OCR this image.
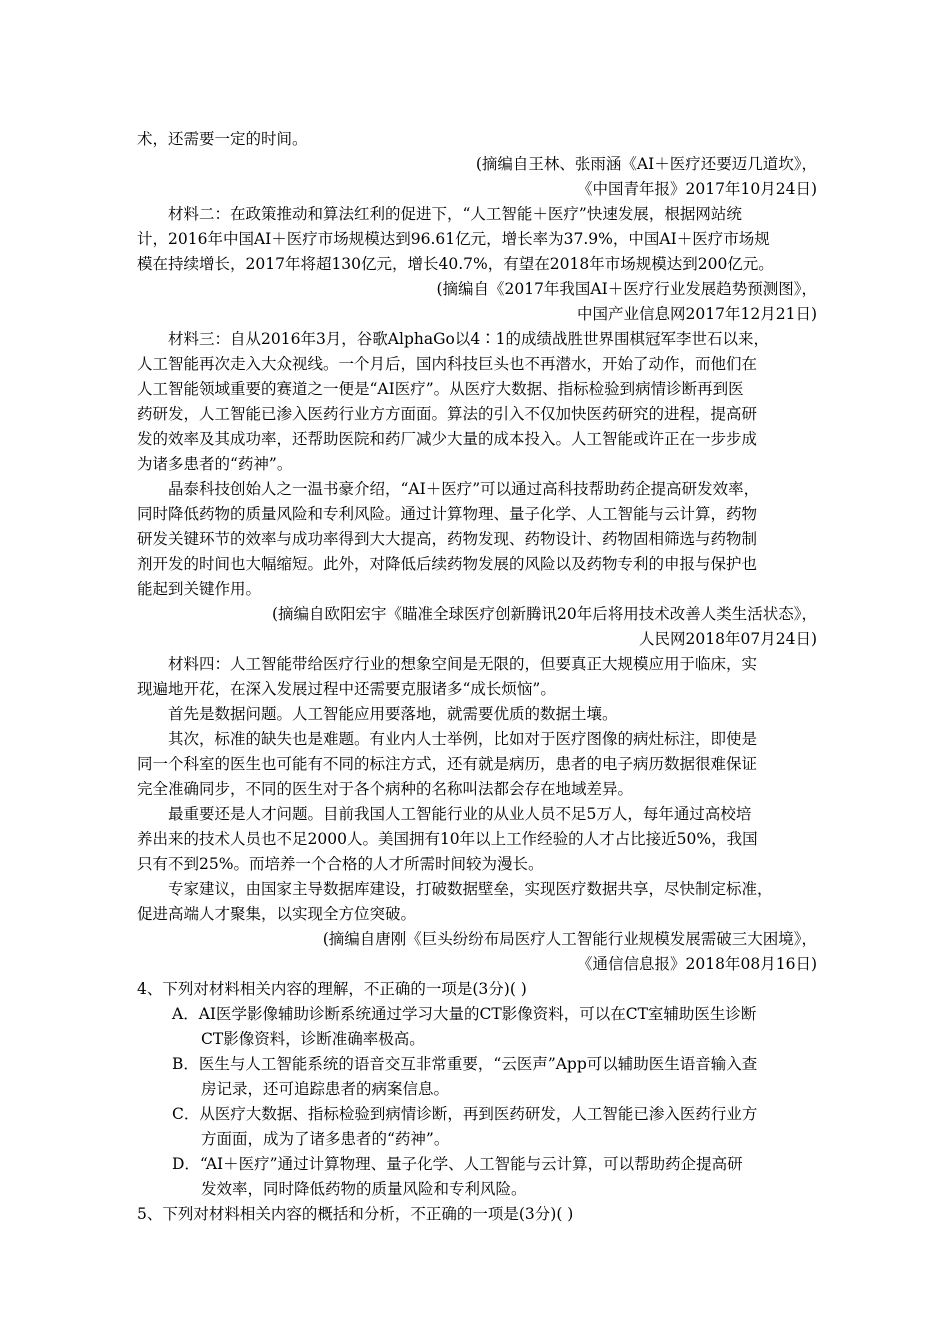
术，还需要一定的时间。
(摘编自王林、张雨涵《AI＋医疗还要迈几道坎》，
《中国青年报》2017年10月24日)
材料二：在政策推动和算法红利的促进下，“人工智能＋医疗”快速发展，根据网站统
计，2016年中国AI＋医疗市场规模达到96.61亿元，增长率为37.9%，中国AI＋医疗市场规
模在持续增长，2017年将超130亿元，增长40.7%，有望在2018年市场规模达到200亿元。
(摘编自《2017年我国AI＋医疗行业发展趋势预测图》，
中国产业信息网2017年12月21日)
材料三：自从2016年3月，谷歌AlphaGo以4∶1的成绩战胜世界围棋冠军李世石以来，
人工智能再次走入大众视线。一个月后，国内科技巨头也不再潜水，开始了动作，而他们在
人工智能领域重要的赛道之一便是“AI医疗”。从医疗大数据、指标检验到病情诊断再到医
药研发，人工智能已渗入医药行业方方面面。算法的引入不仅加快医药研究的进程，提高研
发的效率及其成功率，还帮助医院和药厂减少大量的成本投入。人工智能或许正在一步步成
为诸多患者的“药神”。
晶泰科技创始人之一温书豪介绍，“AI＋医疗”可以通过高科技帮助药企提高研发效率，
同时降低药物的质量风险和专利风险。通过计算物理、量子化学、人工智能与云计算，药物
研发关键环节的效率与成功率得到大大提高，药物发现、药物设计、药物固相筛选与药物制
剂开发的时间也大幅缩短。此外，对降低后续药物发展的风险以及药物专利的申报与保护也
能起到关键作用。
(摘编自欧阳宏宇《瞄准全球医疗创新腾讯20年后将用技术改善人类生活状态》，
人民网2018年07月24日)
材料四：人工智能带给医疗行业的想象空间是无限的，但要真正大规模应用于临床，实
现遍地开花，在深入发展过程中还需要克服诸多“成长烦恼”。
首先是数据问题。人工智能应用要落地，就需要优质的数据土壤。
其次，标准的缺失也是难题。有业内人士举例，比如对于医疗图像的病灶标注，即使是
同一个科室的医生也可能有不同的标注方式，还有就是病历，患者的电子病历数据很难保证
完全准确同步，不同的医生对于各个病种的名称叫法都会存在地域差异。
最重要还是人才问题。目前我国人工智能行业的从业人员不足5万人，每年通过高校培
养出来的技术人员也不足2000人。美国拥有10年以上工作经验的人才占比接近50%，我国
只有不到25%。而培养一个合格的人才所需时间较为漫长。
专家建议，由国家主导数据库建设，打破数据壁垒，实现医疗数据共享，尽快制定标准，
促进高端人才聚集，以实现全方位突破。
(摘编自唐刚《巨头纷纷布局医疗人工智能行业规模发展需破三大困境》，
《通信信息报》2018年08月16日)
4、下列对材料相关内容的理解，不正确的一项是(3分)( )
A．AI医学影像辅助诊断系统通过学习大量的CT影像资料，可以在CT室辅助医生诊断
CT影像资料，诊断准确率极高。
B．医生与人工智能系统的语音交互非常重要，“云医声”App可以辅助医生语音输入查
房记录，还可追踪患者的病案信息。
C．从医疗大数据、指标检验到病情诊断，再到医药研发，人工智能已渗入医药行业方
方面面，成为了诸多患者的“药神”。
D．“AI＋医疗”通过计算物理、量子化学、人工智能与云计算，可以帮助药企提高研
发效率，同时降低药物的质量风险和专利风险。
5、下列对材料相关内容的概括和分析，不正确的一项是(3分)( )
